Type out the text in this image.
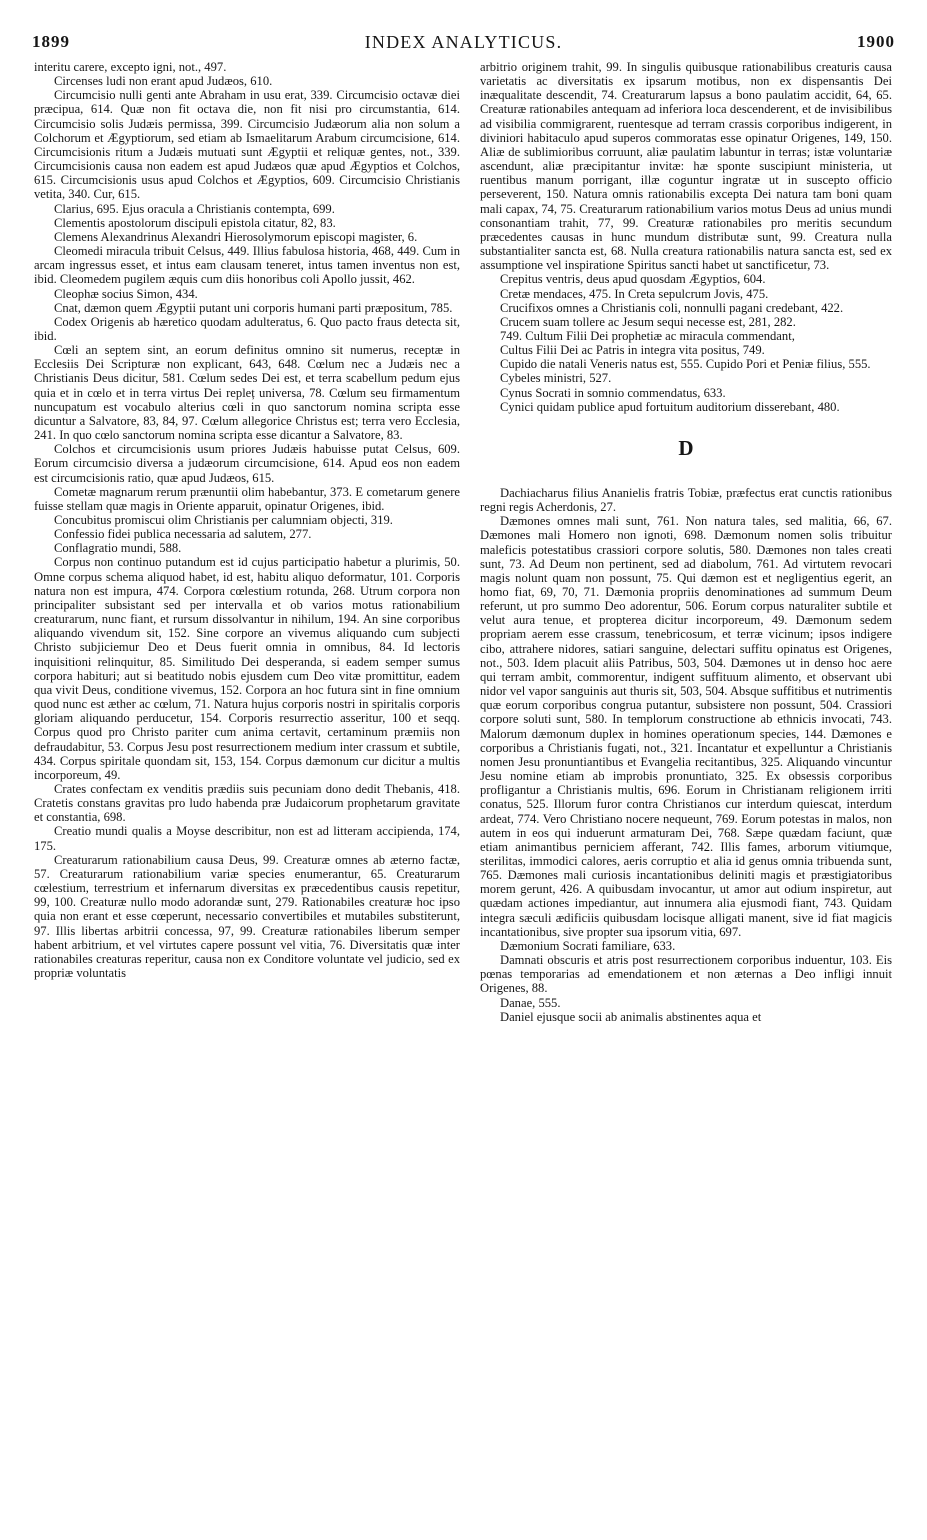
1899	INDEX ANALYTICUS.	1900

interitu carere, excepto igni, not., 497.

Circenses ludi non erant apud Judæos, 610.

Circumcisio nulli genti ante Abraham in usu erat, 339. Circumcisio octavæ diei præcipua, 614. Quæ non fit octava die, non fit nisi pro circumstantia, 614. Circumcisio solis Judæis permissa, 399. Circumcisio Judæorum alia non solum a Colchorum et Ægyptiorum, sed etiam ab Ismaelitarum Arabum circumcisione, 614. Circumcisionis ritum a Judæis mutuati sunt Ægyptii et reliquæ gentes, not., 339. Circumcisionis causa non eadem est apud Judæos quæ apud Ægyptios et Colchos, 615. Circumcisionis usus apud Colchos et Ægyptios, 609. Circumcisio Christianis vetita, 340. Cur, 615.

Clarius, 695. Ejus oracula a Christianis contempta, 699.

Clementis apostolorum discipuli epistola citatur, 82, 83.

Clemens Alexandrinus Alexandri Hierosolymorum episcopi magister, 6.

Cleomedi miracula tribuit Celsus, 449. Illius fabulosa historia, 468, 449. Cum in arcam ingressus esset, et intus eam clausam teneret, intus tamen inventus non est, ibid. Cleomedem pugilem æquis cum diis honoribus coli Apollo jussit, 462.

Cleophæ socius Simon, 434.

Cnat, dæmon quem Ægyptii putant uni corporis humani parti præpositum, 785.

Codex Origenis ab hæretico quodam adulteratus, 6. Quo pacto fraus detecta sit, ibid.

Cœli an septem sint, an eorum definitus omnino sit numerus, receptæ in Ecclesiis Dei Scripturæ non explicant, 643, 648. Cœlum nec a Judæis nec a Christianis Deus dicitur, 581. Cœlum sedes Dei est, et terra scabellum pedum ejus quia et in cœlo et in terra virtus Dei repleț universa, 78. Cœlum seu firmamentum nuncupatum est vocabulo alterius cœli in quo sanctorum nomina scripta esse dicuntur a Salvatore, 83, 84, 97. Cœlum allegorice Christus est; terra vero Ecclesia, 241. In quo cœlo sanctorum nomina scripta esse dicantur a Salvatore, 83.

Colchos et circumcisionis usum priores Judæis habuisse putat Celsus, 609. Eorum circumcisio diversa a judæorum circumcisione, 614. Apud eos non eadem est circumcisionis ratio, quæ apud Judæos, 615.

Cometæ magnarum rerum prænuntii olim habebantur, 373. E cometarum genere fuisse stellam quæ magis in Oriente apparuit, opinatur Origenes, ibid.

Concubitus promiscui olim Christianis per calumniam objecti, 319.

Confessio fidei publica necessaria ad salutem, 277.

Conflagratio mundi, 588.

Corpus non continuo putandum est id cujus participatio habetur a plurimis, 50. Omne corpus schema aliquod habet, id est, habitu aliquo deformatur, 101. Corporis natura non est impura, 474. Corpora cœlestium rotunda, 268. Utrum corpora non principaliter subsistant sed per intervalla et ob varios motus rationabilium creaturarum, nunc fiant, et rursum dissolvantur in nihilum, 194. An sine corporibus aliquando vivendum sit, 152. Sine corpore an vivemus aliquando cum subjecti Christo subjiciemur Deo et Deus fuerit omnia in omnibus, 84. Id lectoris inquisitioni relinquitur, 85. Similitudo Dei desperanda, si eadem semper sumus corpora habituri; aut si beatitudo nobis ejusdem cum Deo vitæ promittitur, eadem qua vivit Deus, conditione vivemus, 152. Corpora an hoc futura sint in fine omnium quod nunc est æther ac cœlum, 71. Natura hujus corporis nostri in spiritalis corporis gloriam aliquando perducetur, 154. Corporis resurrectio asseritur, 100 et seqq. Corpus quod pro Christo pariter cum anima certavit, certaminum præmiis non defraudabitur, 53. Corpus Jesu post resurrectionem medium inter crassum et subtile, 434. Corpus spiritale quondam sit, 153, 154. Corpus dæmonum cur dicitur a multis incorporeum, 49.

Crates confectam ex venditis prædiis suis pecuniam dono dedit Thebanis, 418. Cratetis constans gravitas pro ludo habenda præ Judaicorum prophetarum gravitate et constantia, 698.

Creatio mundi qualis a Moyse describitur, non est ad litteram accipienda, 174, 175.

Creaturarum rationabilium causa Deus, 99. Creaturæ omnes ab æterno factæ, 57. Creaturarum rationabilium variæ species enumerantur, 65. Creaturarum cœlestium, terrestrium et infernarum diversitas ex præcedentibus causis repetitur, 99, 100. Creaturæ nullo modo adorandæ sunt, 279. Rationabiles creaturæ hoc ipso quia non erant et esse cœperunt, necessario convertibiles et mutabiles substiterunt, 97. Illis libertas arbitrii concessa, 97, 99. Creaturæ rationabiles liberum semper habent arbitrium, et vel virtutes capere possunt vel vitia, 76. Diversitatis quæ inter rationabiles creaturas reperitur, causa non ex Conditore voluntate vel judicio, sed ex propriæ voluntatis

arbitrio originem trahit, 99. In singulis quibusque rationabilibus creaturis causa varietatis ac diversitatis ex ipsarum motibus, non ex dispensantis Dei inæqualitate descendit, 74. Creaturarum lapsus a bono paulatim accidit, 64, 65. Creaturæ rationabiles antequam ad inferiora loca descenderent, et de invisibilibus ad visibilia commigrarent, ruentesque ad terram crassis corporibus indigerent, in diviniori habitaculo apud superos commoratas esse opinatur Origenes, 149, 150. Aliæ de sublimioribus corruunt, aliæ paulatim labuntur in terras; istæ voluntariæ ascendunt, aliæ præcipitantur invitæ: hæ sponte suscipiunt ministeria, ut ruentibus manum porrigant, illæ coguntur ingratæ ut in suscepto officio perseverent, 150. Natura omnis rationabilis excepta Dei natura tam boni quam mali capax, 74, 75. Creaturarum rationabilium varios motus Deus ad unius mundi consonantiam trahit, 77, 99. Creaturæ rationabiles pro meritis secundum præcedentes causas in hunc mundum distributæ sunt, 99. Creatura nulla substantialiter sancta est, 68. Nulla creatura rationabilis natura sancta est, sed ex assumptione vel inspiratione Spiritus sancti habet ut sanctificetur, 73.

Crepitus ventris, deus apud quosdam Ægyptios, 604.

Cretæ mendaces, 475. In Creta sepulcrum Jovis, 475.

Crucifixos omnes a Christianis coli, nonnulli pagani credebant, 422.

Crucem suam tollere ac Jesum sequi necesse est, 281, 282.

749. Cultum Filii Dei prophetiæ ac miracula commendant,

Cultus Filii Dei ac Patris in integra vita positus, 749.

Cupido die natali Veneris natus est, 555. Cupido Pori et Peniæ filius, 555.

Cybeles ministri, 527.

Cynus Socrati in somnio commendatus, 633.

Cynici quidam publice apud fortuitum auditorium disserebant, 480.

D

Dachiacharus filius Ananielis fratris Tobiæ, præfectus erat cunctis rationibus regni regis Acherdonis, 27.

Dæmones omnes mali sunt, 761. Non natura tales, sed malitia, 66, 67. Dæmones mali Homero non ignoti, 698. Dæmonum nomen solis tribuitur maleficis potestatibus crassiori corpore solutis, 580. Dæmones non tales creati sunt, 73. Ad Deum non pertinent, sed ad diabolum, 761. Ad virtutem revocari magis nolunt quam non possunt, 75. Qui dæmon est et negligentius egerit, an homo fiat, 69, 70, 71. Dæmonia propriis denominationes ad summum Deum referunt, ut pro summo Deo adorentur, 506. Eorum corpus naturaliter subtile et velut aura tenue, et propterea dicitur incorporeum, 49. Dæmonum sedem propriam aerem esse crassum, tenebricosum, et terræ vicinum; ipsos indigere cibo, attrahere nidores, satiari sanguine, delectari suffitu opinatus est Origenes, not., 503. Idem placuit aliis Patribus, 503, 504. Dæmones ut in denso hoc aere qui terram ambit, commorentur, indigent suffituum alimento, et observant ubi nidor vel vapor sanguinis aut thuris sit, 503, 504. Absque suffitibus et nutrimentis quæ eorum corporibus congrua putantur, subsistere non possunt, 504. Crassiori corpore soluti sunt, 580. In templorum constructione ab ethnicis invocati, 743. Malorum dæmonum duplex in homines operationum species, 144. Dæmones e corporibus a Christianis fugati, not., 321. Incantatur et expelluntur a Christianis nomen Jesu pronuntiantibus et Evangelia recitantibus, 325. Aliquando vincuntur Jesu nomine etiam ab improbis pronuntiato, 325. Ex obsessis corporibus profligantur a Christianis multis, 696. Eorum in Christianam religionem irriti conatus, 525. Illorum furor contra Christianos cur interdum quiescat, interdum ardeat, 774. Vero Christiano nocere nequeunt, 769. Eorum potestas in malos, non autem in eos qui induerunt armaturam Dei, 768. Sæpe quædam faciunt, quæ etiam animantibus perniciem afferant, 742. Illis fames, arborum vitiumque, sterilitas, immodici calores, aeris corruptio et alia id genus omnia tribuenda sunt, 765. Dæmones mali curiosis incantationibus deliniti magis et præstigiatoribus morem gerunt, 426. A quibusdam invocantur, ut amor aut odium inspiretur, aut quædam actiones impediantur, aut innumera alia ejusmodi fiant, 743. Quidam integra sæculi ædificiis quibusdam locisque alligati manent, sive id fiat magicis incantationibus, sive propter sua ipsorum vitia, 697.

Dæmonium Socrati familiare, 633.

Damnati obscuris et atris post resurrectionem corporibus induentur, 103. Eis pœnas temporarias ad emendationem et non æternas a Deo infligi innuit Origenes, 88.

Danae, 555.

Daniel ejusque socii ab animalis abstinentes aqua et
